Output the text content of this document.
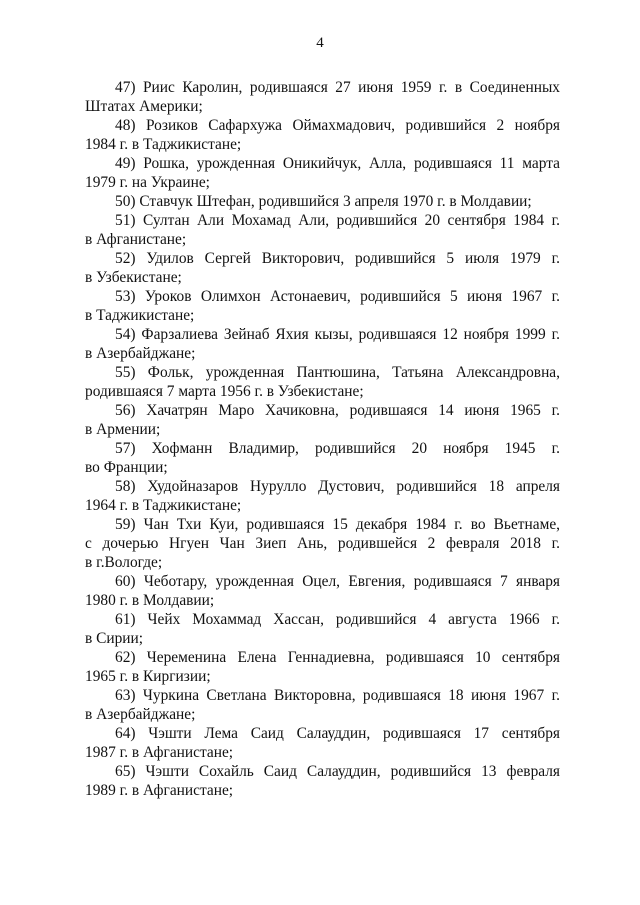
4
47) Риис Каролин, родившаяся 27 июня 1959 г. в Соединенных
Штатах Америки;
48) Розиков Сафархужа Оймахмадович, родившийся 2 ноября
1984 г. в Таджикистане;
49) Рошка, урожденная Оникийчук, Алла, родившаяся 11 марта
1979 г. на Украине;
50) Ставчук Штефан, родившийся 3 апреля 1970 г. в Молдавии;
51) Султан Али Мохамад Али, родившийся 20 сентября 1984 г.
в Афганистане;
52) Удилов Сергей Викторович, родившийся 5 июля 1979 г.
в Узбекистане;
53) Уроков Олимхон Астонаевич, родившийся 5 июня 1967 г.
в Таджикистане;
54) Фарзалиева Зейнаб Яхия кызы, родившаяся 12 ноября 1999 г.
в Азербайджане;
55) Фольк, урожденная Пантюшина, Татьяна Александровна,
родившаяся 7 марта 1956 г. в Узбекистане;
56) Хачатрян Маро Хачиковна, родившаяся 14 июня 1965 г.
в Армении;
57) Хофманн Владимир, родившийся 20 ноября 1945 г.
во Франции;
58) Худойназаров Нурулло Дустович, родившийся 18 апреля
1964 г. в Таджикистане;
59) Чан Тхи Куи, родившаяся 15 декабря 1984 г. во Вьетнаме,
с дочерью Нгуен Чан Зиеп Ань, родившейся 2 февраля 2018 г.
в г.Вологде;
60) Чеботару, урожденная Оцел, Евгения, родившаяся 7 января
1980 г. в Молдавии;
61) Чейх Мохаммад Хассан, родившийся 4 августа 1966 г.
в Сирии;
62) Череменина Елена Геннадиевна, родившаяся 10 сентября
1965 г. в Киргизии;
63) Чуркина Светлана Викторовна, родившаяся 18 июня 1967 г.
в Азербайджане;
64) Чэшти Лема Саид Салауддин, родившаяся 17 сентября
1987 г. в Афганистане;
65) Чэшти Сохайль Саид Салауддин, родившийся 13 февраля
1989 г. в Афганистане;
